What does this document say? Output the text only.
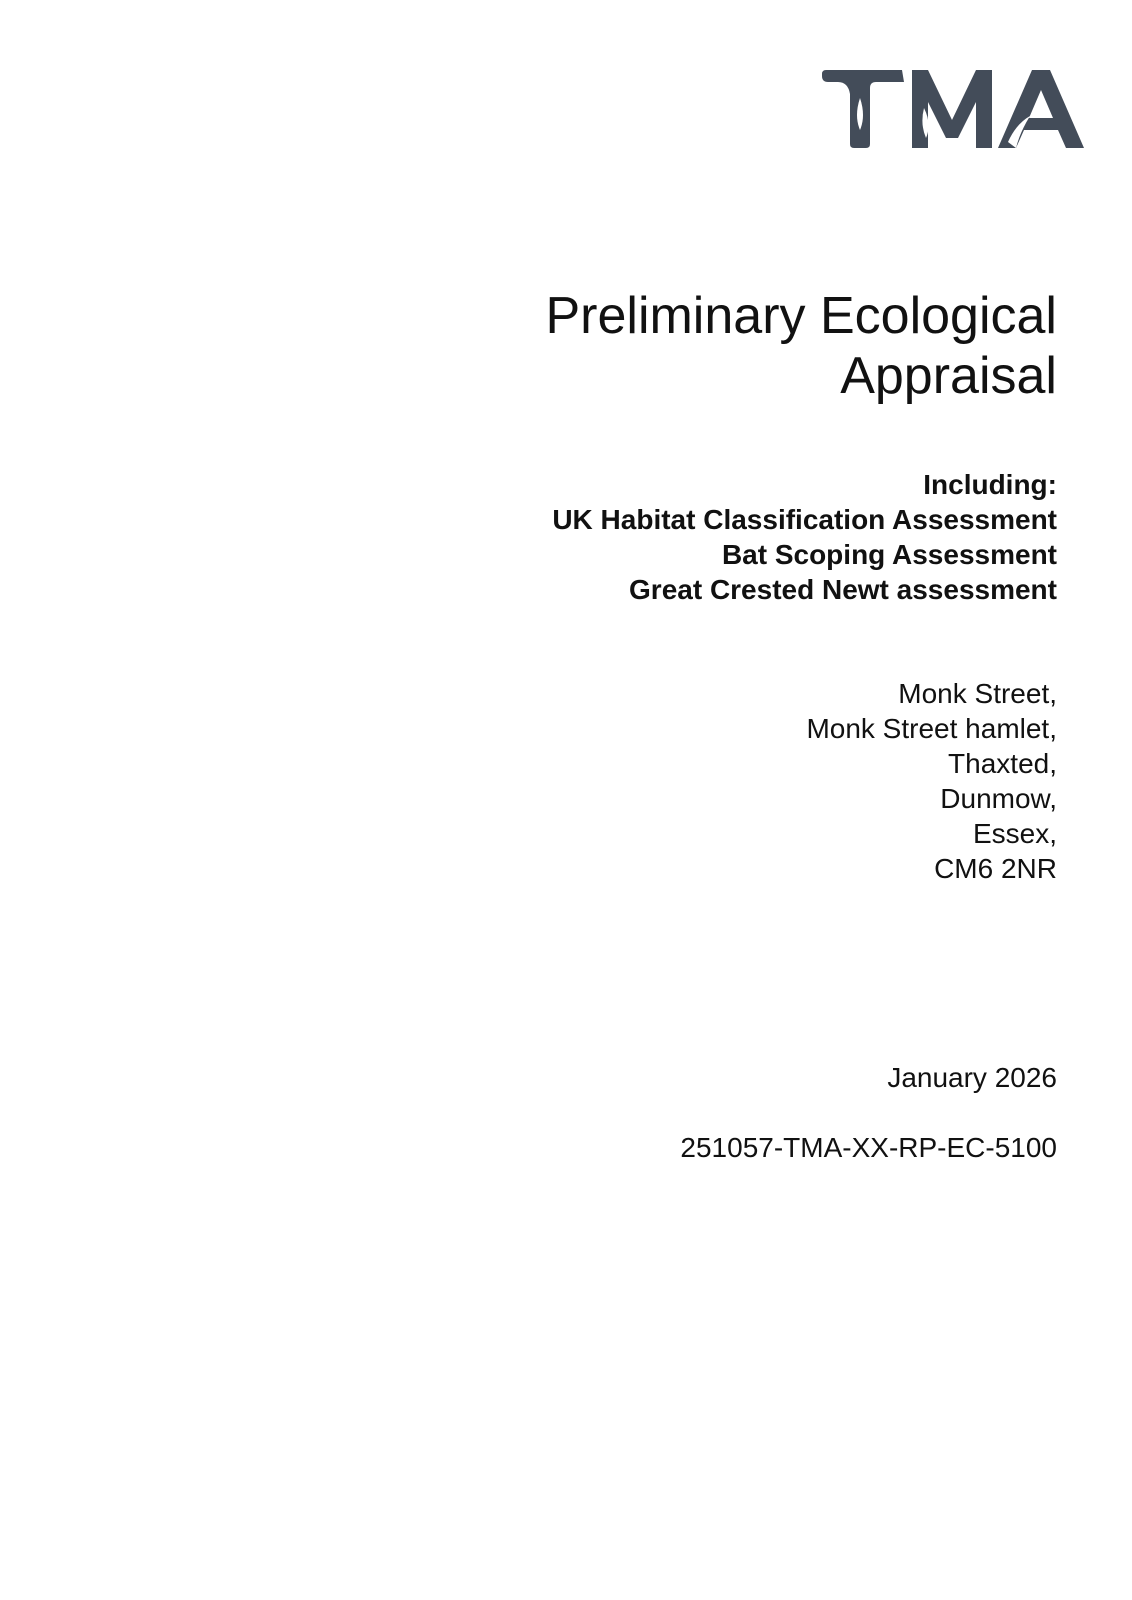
Preliminary Ecological

Appraisal

Including:

UK Habitat Classification Assessment

Bat Scoping Assessment

Great Crested Newt assessment

Monk Street,

Monk Street hamlet,

Thaxted,

Dunmow,

Essex,

CM6 2NR

January 2026
251057-TMA-XX-RP-EC-5100
